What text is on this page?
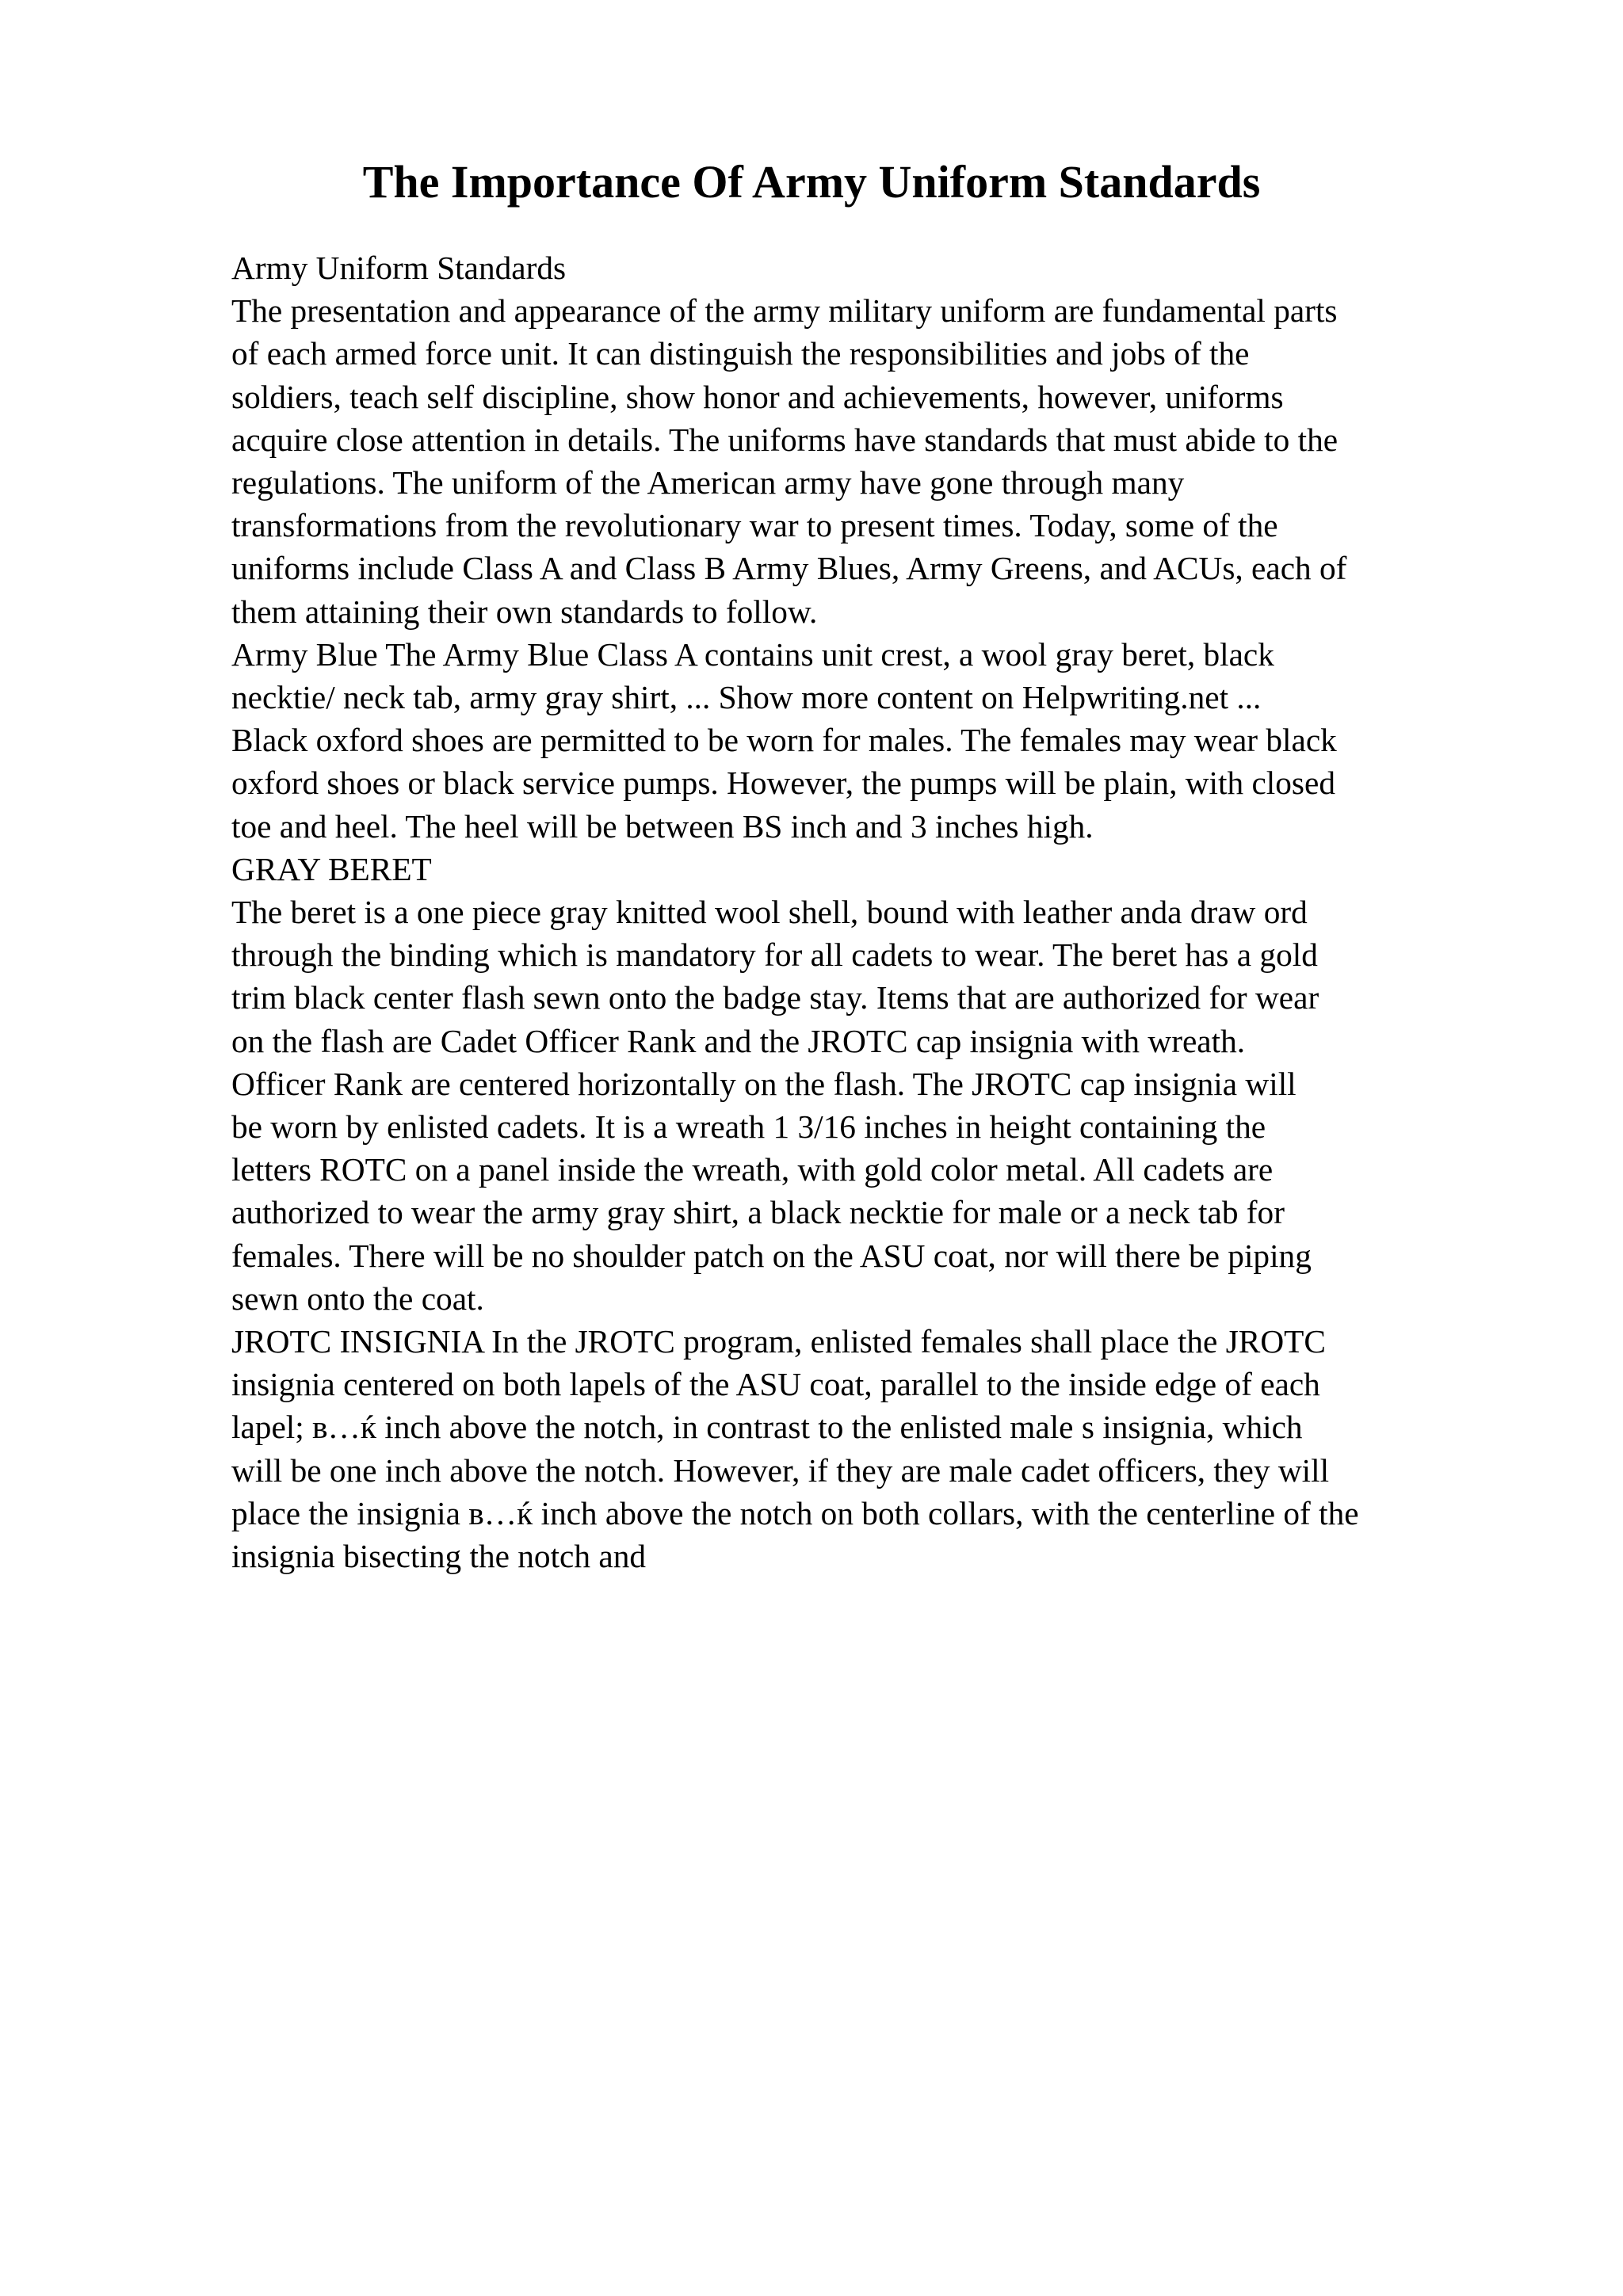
The Importance Of Army Uniform Standards

Army Uniform Standards

The presentation and appearance of the army military uniform are fundamental parts

of each armed force unit. It can distinguish the responsibilities and jobs of the

soldiers, teach self discipline, show honor and achievements, however, uniforms

acquire close attention in details. The uniforms have standards that must abide to the

regulations. The uniform of the American army have gone through many

transformations from the revolutionary war to present times. Today, some of the

uniforms include Class A and Class B Army Blues, Army Greens, and ACUs, each of

them attaining their own standards to follow.

Army Blue The Army Blue Class A contains unit crest, a wool gray beret, black

necktie/ neck tab, army gray shirt, ... Show more content on Helpwriting.net ...

Black oxford shoes are permitted to be worn for males. The females may wear black

oxford shoes or black service pumps. However, the pumps will be plain, with closed

toe and heel. The heel will be between BS inch and 3 inches high.

GRAY BERET

The beret is a one piece gray knitted wool shell, bound with leather anda draw ord

through the binding which is mandatory for all cadets to wear. The beret has a gold

trim black center flash sewn onto the badge stay. Items that are authorized for wear

on the flash are Cadet Officer Rank and the JROTC cap insignia with wreath.

Officer Rank are centered horizontally on the flash. The JROTC cap insignia will

be worn by enlisted cadets. It is a wreath 1 3/16 inches in height containing the

letters ROTC on a panel inside the wreath, with gold color metal. All cadets are

authorized to wear the army gray shirt, a black necktie for male or a neck tab for

females. There will be no shoulder patch on the ASU coat, nor will there be piping

sewn onto the coat.

JROTC INSIGNIA In the JROTC program, enlisted females shall place the JROTC

insignia centered on both lapels of the ASU coat, parallel to the inside edge of each

lapel; в…ќ inch above the notch, in contrast to the enlisted male s insignia, which

will be one inch above the notch. However, if they are male cadet officers, they will

place the insignia в…ќ inch above the notch on both collars, with the centerline of the

insignia bisecting the notch and
